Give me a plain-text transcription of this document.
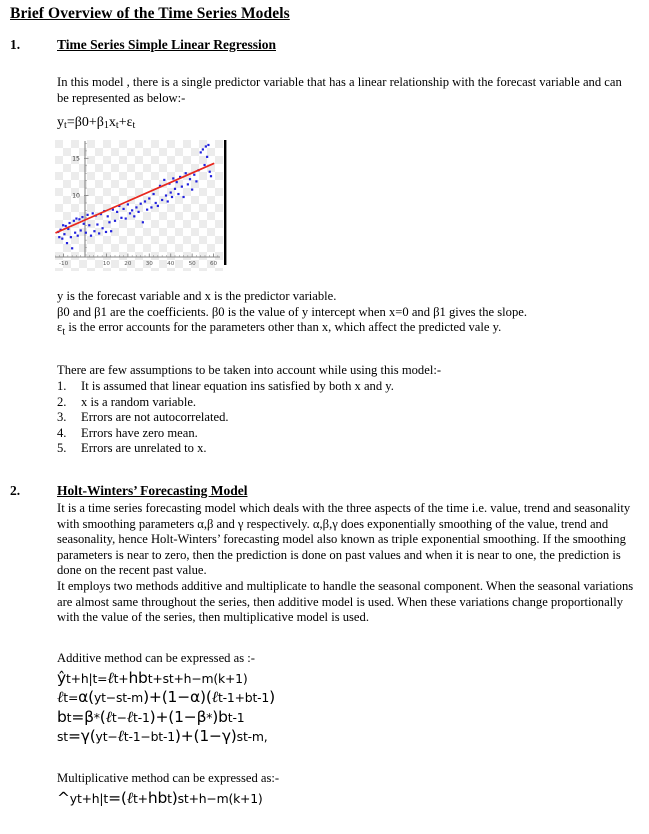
Brief Overview of the Time Series Models
1.	Time Series Simple Linear Regression
In this model , there is a single predictor variable that has a linear relationship with the forecast variable and can be represented as below:-
$y_t=\beta 0+\beta_1x_t+\varepsilon_t$
-10	10	20	30	40	50	60
10
15

y is the forecast variable and x is the predictor variable.

β0 and β1 are the coefficients. β0 is the value of y intercept when x=0 and β1 gives the slope.

$\varepsilon_t$ is the error accounts for the parameters other than x, which affect the predicted vale y.

There are few assumptions to be taken into account while using this model:-
1.	It is assumed that linear equation ins satisfied by both x and y.
2.	x is a random variable.
3.	Errors are not autocorrelated.
4.	Errors have zero mean.
5.	Errors are unrelated to x.
2.	Holt-Winters’ Forecasting Model
It is a time series forecasting model which deals with the three aspects of the time i.e. value, trend and seasonality with smoothing parameters α,β and γ respectively. α,β,γ does exponentially smoothing of the value, trend and seasonality, hence Holt-Winters’ forecasting model also known as triple exponential smoothing. If the smoothing parameters is near to zero, then the prediction is done on past values and when it is near to one, the prediction is done on the recent past value.
It employs two methods additive and multiplicate to handle the seasonal component. When the seasonal variations are almost same throughout the series, then additive model is used. When these variations change proportionally with the value of the series, then multiplicative model is used.
Additive method can be expressed as :-
ŷt+h|t=ℓt+hbt+st+h−m(k+1)
ℓt=α(yt−st-m)+(1−α)(ℓt-1+bt-1)
bt=β*(ℓt−ℓt-1)+(1−β*)bt-1
st=γ(yt−ℓt-1−bt-1)+(1−γ)st-m,
Multiplicative method can be expressed as:-
^yt+h|t=(ℓt+hbt)st+h−m(k+1)
